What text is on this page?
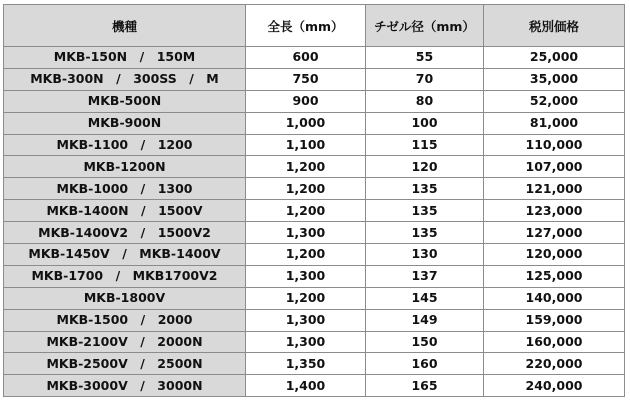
機種	全長（mm）	チゼル径（mm）	税別価格
MKB-150N　/　150M	600	55	25,000
MKB-300N　/　300SS　/　M	750	70	35,000
MKB-500N	900	80	52,000
MKB-900N	1,000	100	81,000
MKB-1100　/　1200	1,100	115	110,000
MKB-1200N	1,200	120	107,000
MKB-1000　/　1300	1,200	135	121,000
MKB-1400N　/　1500V	1,200	135	123,000
MKB-1400V2　/　1500V2	1,300	135	127,000
MKB-1450V　/　MKB-1400V	1,200	130	120,000
MKB-1700　/　MKB1700V2	1,300	137	125,000
MKB-1800V	1,200	145	140,000
MKB-1500　/　2000	1,300	149	159,000
MKB-2100V　/　2000N	1,300	150	160,000
MKB-2500V　/　2500N	1,350	160	220,000
MKB-3000V　/　3000N	1,400	165	240,000
